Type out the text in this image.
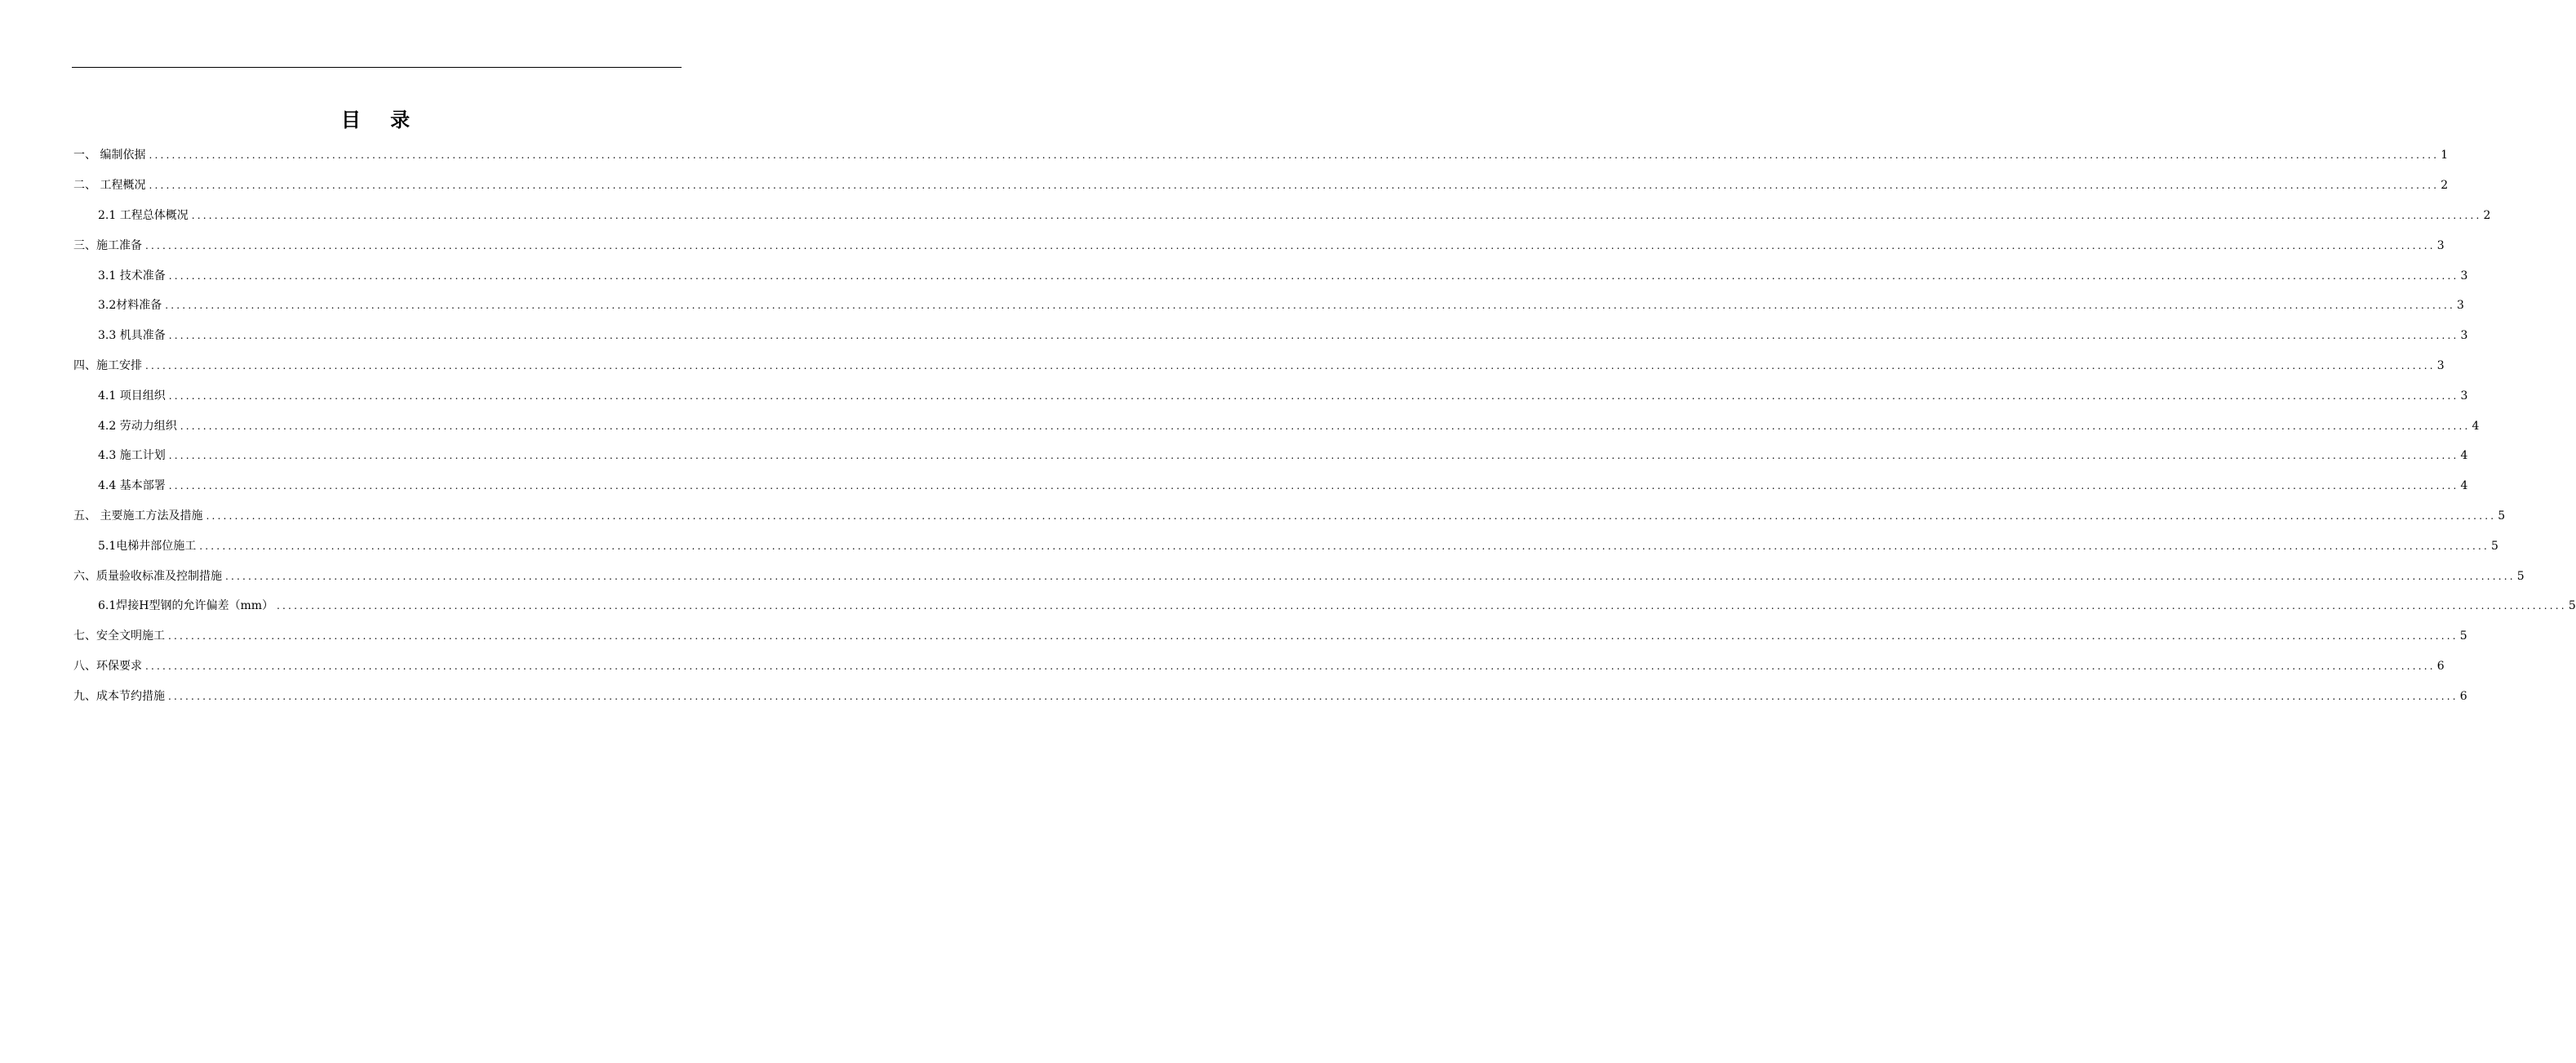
目 录
一、 编制依据 ................................................................................................................................................................................................................................................................................................................................................................................................................ 1
二、 工程概况 ................................................................................................................................................................................................................................................................................................................................................................................................................ 2
2.1 工程总体概况 ................................................................................................................................................................................................................................................................................................................................................................................................................ 2
三、施工准备 ................................................................................................................................................................................................................................................................................................................................................................................................................ 3
3.1 技术准备 ................................................................................................................................................................................................................................................................................................................................................................................................................ 3
3.2材料准备 ................................................................................................................................................................................................................................................................................................................................................................................................................ 3
3.3 机具准备 ................................................................................................................................................................................................................................................................................................................................................................................................................ 3
四、施工安排 ................................................................................................................................................................................................................................................................................................................................................................................................................ 3
4.1 项目组织 ................................................................................................................................................................................................................................................................................................................................................................................................................ 3
4.2 劳动力组织 ................................................................................................................................................................................................................................................................................................................................................................................................................ 4
4.3 施工计划 ................................................................................................................................................................................................................................................................................................................................................................................................................ 4
4.4 基本部署 ................................................................................................................................................................................................................................................................................................................................................................................................................ 4
五、 主要施工方法及措施 ................................................................................................................................................................................................................................................................................................................................................................................................................ 5
5.1电梯井部位施工 ................................................................................................................................................................................................................................................................................................................................................................................................................ 5
六、质量验收标准及控制措施 ................................................................................................................................................................................................................................................................................................................................................................................................................ 5
6.1焊接H型钢的允许偏差（mm） ................................................................................................................................................................................................................................................................................................................................................................................................................ 5
七、安全文明施工 ................................................................................................................................................................................................................................................................................................................................................................................................................ 5
八、环保要求 ................................................................................................................................................................................................................................................................................................................................................................................................................ 6
九、成本节约措施 ................................................................................................................................................................................................................................................................................................................................................................................................................ 6
